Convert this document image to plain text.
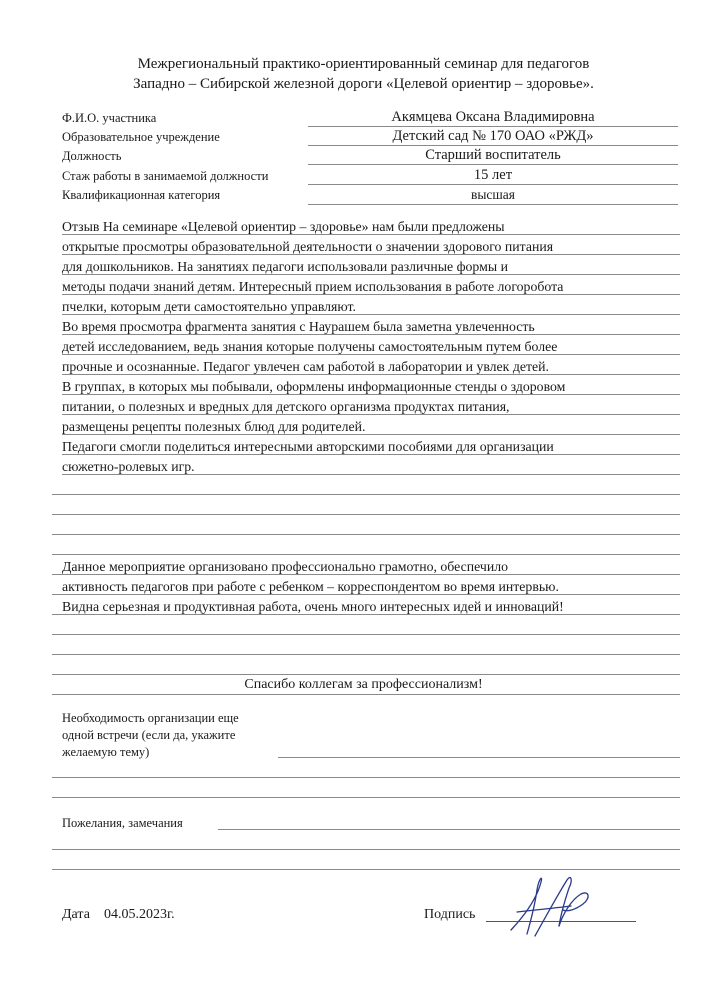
Межрегиональный практико-ориентированный семинар для педагогов
Западно – Сибирской железной дороги «Целевой ориентир – здоровье».
Ф.И.О. участника	Акямцева Оксана Владимировна
Образовательное учреждение	Детский сад № 170 ОАО «РЖД»
Должность	Старший воспитатель
Стаж работы в занимаемой должности	15 лет
Квалификационная категория	высшая
Отзыв На семинаре «Целевой ориентир – здоровье» нам были предложены
открытые просмотры образовательной деятельности о значении здорового питания
для дошкольников. На занятиях педагоги использовали различные формы и
методы подачи знаний детям. Интересный прием использования в работе логоробота
пчелки, которым дети самостоятельно управляют.
Во время просмотра фрагмента занятия с Наурашем была заметна увлеченность
детей исследованием, ведь знания которые получены самостоятельным путем более
прочные и осознанные. Педагог увлечен сам работой в лаборатории и увлек детей.
В группах, в которых мы побывали, оформлены информационные стенды о здоровом
питании, о полезных и вредных для детского организма продуктах питания,
размещены рецепты полезных блюд для родителей.
Педагоги смогли поделиться интересными авторскими пособиями для организации
сюжетно-ролевых игр.
Данное мероприятие организовано профессионально грамотно, обеспечило
активность педагогов при работе с ребенком – корреспондентом во время интервью.
Видна серьезная и продуктивная работа, очень много интересных идей и инноваций!
Спасибо коллегам за профессионализм!
Необходимость организации еще
одной встречи (если да, укажите
желаемую тему)
Пожелания, замечания
Дата 04.05.2023г.	Подпись
